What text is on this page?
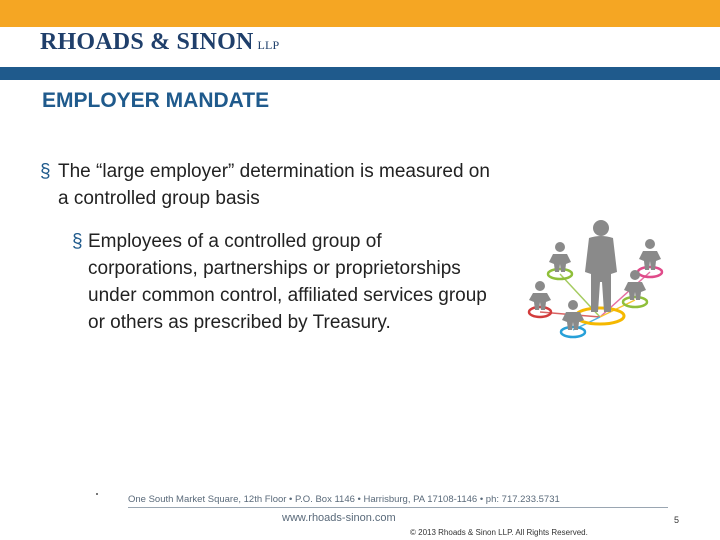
RHOADS & SINON LLP
EMPLOYER MANDATE
§ The “large employer” determination is measured on a controlled group basis
§ Employees of a controlled group of corporations, partnerships or proprietorships under common control, affiliated services group or others as prescribed by Treasury.
One South Market Square, 12th Floor • P.O. Box 1146 • Harrisburg, PA 17108-1146 • ph: 717.233.5731
www.rhoads-sinon.com
© 2013 Rhoads & Sinon LLP. All Rights Reserved.
5
